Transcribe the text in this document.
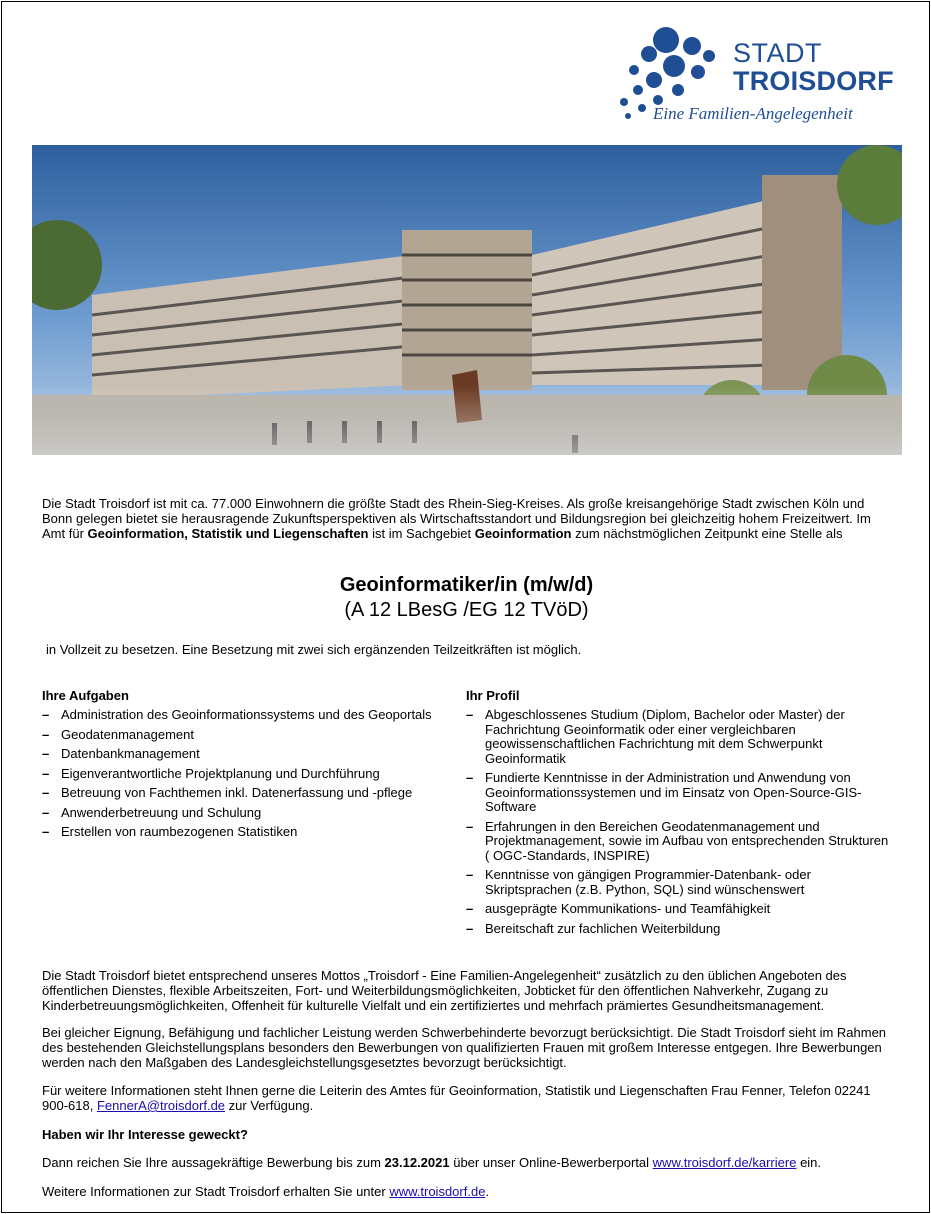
STADT
TROISDORF
Eine Familien-Angelegenheit

Die Stadt Troisdorf ist mit ca. 77.000 Einwohnern die größte Stadt des Rhein-Sieg-Kreises. Als große kreisangehörige Stadt zwischen Köln und Bonn gelegen bietet sie herausragende Zukunftsperspektiven als Wirtschaftsstandort und Bildungsregion bei gleichzeitig hohem Freizeitwert. Im Amt für Geoinformation, Statistik und Liegenschaften ist im Sachgebiet Geoinformation zum nächstmöglichen Zeitpunkt eine Stelle als

Geoinformatiker/in (m/w/d)
(A 12 LBesG /EG 12 TVöD)

in Vollzeit zu besetzen. Eine Besetzung mit zwei sich ergänzenden Teilzeitkräften ist möglich.

Ihre Aufgaben
– Administration des Geoinformationssystems und des Geoportals
– Geodatenmanagement
– Datenbankmanagement
– Eigenverantwortliche Projektplanung und Durchführung
– Betreuung von Fachthemen inkl. Datenerfassung und -pflege
– Anwenderbetreuung und Schulung
– Erstellen von raumbezogenen Statistiken
Ihr Profil
– Abgeschlossenes Studium (Diplom, Bachelor oder Master) der Fachrichtung Geoinformatik oder einer vergleichbaren geowissenschaftlichen Fachrichtung mit dem Schwerpunkt Geoinformatik
– Fundierte Kenntnisse in der Administration und Anwendung von Geoinformationssystemen und im Einsatz von Open-Source-GIS-Software
– Erfahrungen in den Bereichen Geodatenmanagement und Projektmanagement, sowie im Aufbau von entsprechenden Strukturen ( OGC-Standards, INSPIRE)
– Kenntnisse von gängigen Programmier-Datenbank- oder Skriptsprachen (z.B. Python, SQL) sind wünschenswert
– ausgeprägte Kommunikations- und Teamfähigkeit
– Bereitschaft zur fachlichen Weiterbildung

Die Stadt Troisdorf bietet entsprechend unseres Mottos „Troisdorf - Eine Familien-Angelegenheit“ zusätzlich zu den üblichen Angeboten des öffentlichen Dienstes, flexible Arbeitszeiten, Fort- und Weiterbildungsmöglichkeiten, Jobticket für den öffentlichen Nahverkehr, Zugang zu Kinderbetreuungsmöglichkeiten, Offenheit für kulturelle Vielfalt und ein zertifiziertes und mehrfach prämiertes Gesundheitsmanagement.

Bei gleicher Eignung, Befähigung und fachlicher Leistung werden Schwerbehinderte bevorzugt berücksichtigt. Die Stadt Troisdorf sieht im Rahmen des bestehenden Gleichstellungsplans besonders den Bewerbungen von qualifizierten Frauen mit großem Interesse entgegen. Ihre Bewerbungen werden nach den Maßgaben des Landesgleichstellungsgesetztes bevorzugt berücksichtigt.

Für weitere Informationen steht Ihnen gerne die Leiterin des Amtes für Geoinformation, Statistik und Liegenschaften Frau Fenner, Telefon 02241 900-618, FennerA@troisdorf.de zur Verfügung.

Haben wir Ihr Interesse geweckt?

Dann reichen Sie Ihre aussagekräftige Bewerbung bis zum 23.12.2021 über unser Online-Bewerberportal www.troisdorf.de/karriere ein.

Weitere Informationen zur Stadt Troisdorf erhalten Sie unter www.troisdorf.de.
